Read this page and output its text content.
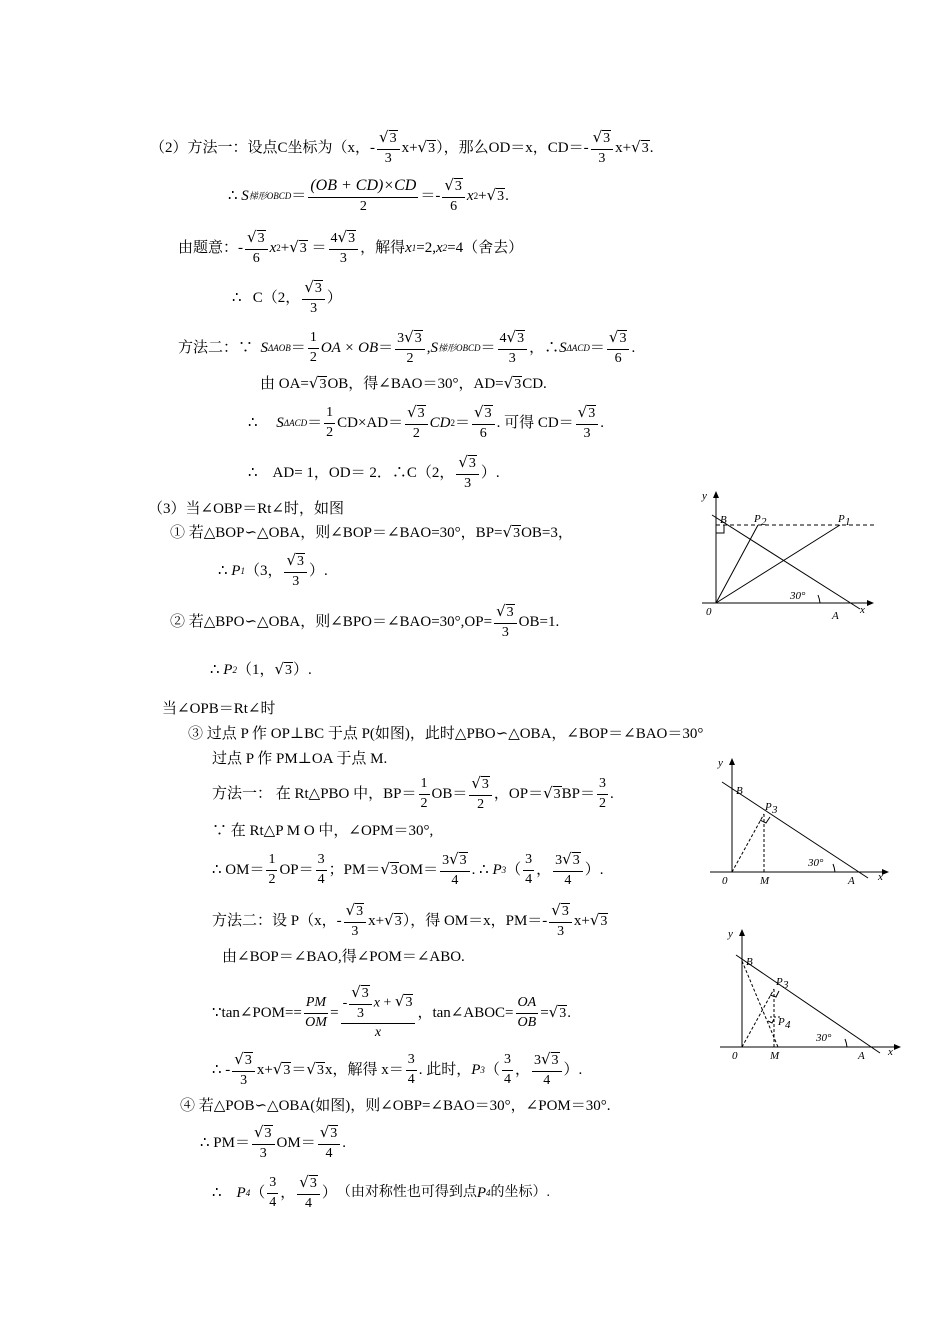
（2）方法一：设点C坐标为（x，- $\frac{√3}{3} x+ √3$ ），那么OD＝x，$CD=- \frac{√3}{3} x+ √3$ .
∴
S 梯形OBCD ＝ $\frac{(OB + CD)\times CD}{2}$ ＝ - $\frac{√3}{6}$ x 2 + √3 .
由题意：- $\frac{√3}{6}$ x 2 + √3
＝ $\frac{4√3}{3}$ ，解得 x 1 =2, x 2 =4（舍去）
∴
C（2， $\frac{√3}{3}$ ）
方法二：∵
S $\Delta AOB = \frac{1}{2}$ OA × OB ＝ $\frac{3√3}{2}$ , S 梯形OBCD ＝ $\frac{4√3}{3}$ ，∴ S $\Delta ACD = \frac{√3}{6}$ .
由 OA= √3 OB，得∠BAO＝30°，AD= √3 CD.
∴
S $\Delta ACD = \frac{1}{2} CD\times AD= \frac{√3}{2}$ CD $2 = \frac{√3}{6}$ . 可得 $CD= \frac{√3}{3}$ .
∴
AD= 1，OD＝ 2．∴C（2， $\frac{√3}{3}$ ）.
（3）当∠OBP＝Rt∠时，如图
① 若△BOP∽△OBA，则∠BOP＝∠BAO=30°，BP= √3 OB=3，
∴
P 1 （3， $\frac{√3}{3}$ ）.
② 若△BPO∽△OBA，则∠BPO＝∠BAO=30°,OP= $\frac{√3}{3} OB=1$.
∴
P 2 （1， √3 ）.
当∠OPB＝Rt∠时
③ 过点 P 作 OP⊥BC 于点 P(如图)，此时△PBO∽△OBA，∠BOP＝∠BAO＝30°
过点 P 作 PM⊥OA 于点 M.
方法一： 在 Rt△PBO 中，$BP= \frac{1}{2} OB= \frac{√3}{2}$ ，OP＝ √3 $BP= \frac{3}{2}$ .
∵ 在 Rt△P M O 中，∠OPM＝30°,
∴ $OM= \frac{1}{2} OP= \frac{3}{4}$ ；PM＝ √3 $OM= \frac{3√3}{4}$ . ∴
P 3 （ $\frac{3}{4}$ ， $\frac{3√3}{4}$ ）.
方法二：设 P（x，- $\frac{√3}{3} x+ √3$ ），得 OM＝x，$PM=- \frac{√3}{3} x+ √3$
由∠BOP＝∠BAO,得∠POM＝∠ABO.
∵tan∠POM== $\frac{PM}{OM} = \frac{- \frac{√3}{3} x + √3}{x}$ ，tan∠ABOC= $\frac{OA}{OB} = √3$ .
∴ - $\frac{√3}{3} x+ √3 = √3$ x，解得 $x= \frac{3}{4}$ . 此时， P 3 （ $\frac{3}{4}$ ， $\frac{3√3}{4}$ ）.
④ 若△POB∽△OBA(如图)，则∠OBP=∠BAO＝30°，∠POM＝30°.
∴ $PM= \frac{√3}{3} OM= \frac{√3}{4}$ .
∴
P 4 （ $\frac{3}{4}$ ， $\frac{√3}{4}$ ） （由对称性也可得到点 P 4 的坐标）.
y
B P 2	P 1
0
30°
A x
y
B
P 3
0	M
30°
A x
y
B
P 3
P 4
0	M
30°
A x
